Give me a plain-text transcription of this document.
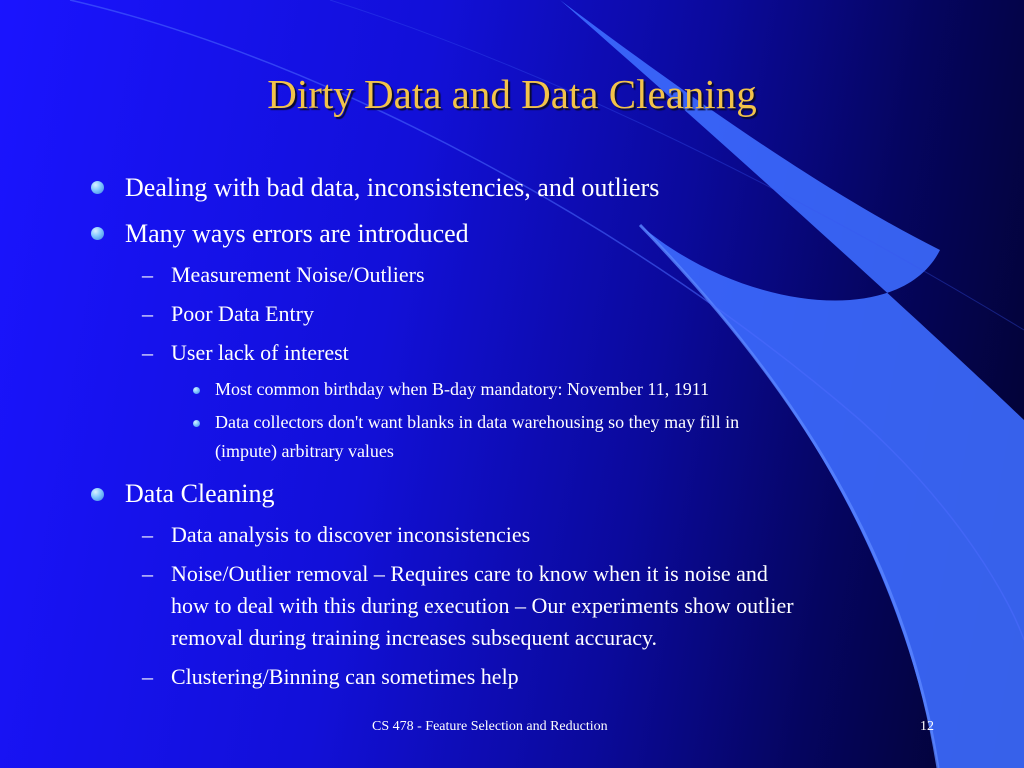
Dirty Data and Data Cleaning
Dealing with bad data, inconsistencies, and outliers
Many ways errors are introduced
– Measurement Noise/Outliers
– Poor Data Entry
– User lack of interest
Most common birthday when B-day mandatory: November 11, 1911
Data collectors don't want blanks in data warehousing so they may fill in
(impute) arbitrary values
Data Cleaning
– Data analysis to discover inconsistencies
– Noise/Outlier removal – Requires care to know when it is noise and
how to deal with this during execution – Our experiments show outlier
removal during training increases subsequent accuracy.
– Clustering/Binning can sometimes help
CS 478 - Feature Selection and Reduction	12
